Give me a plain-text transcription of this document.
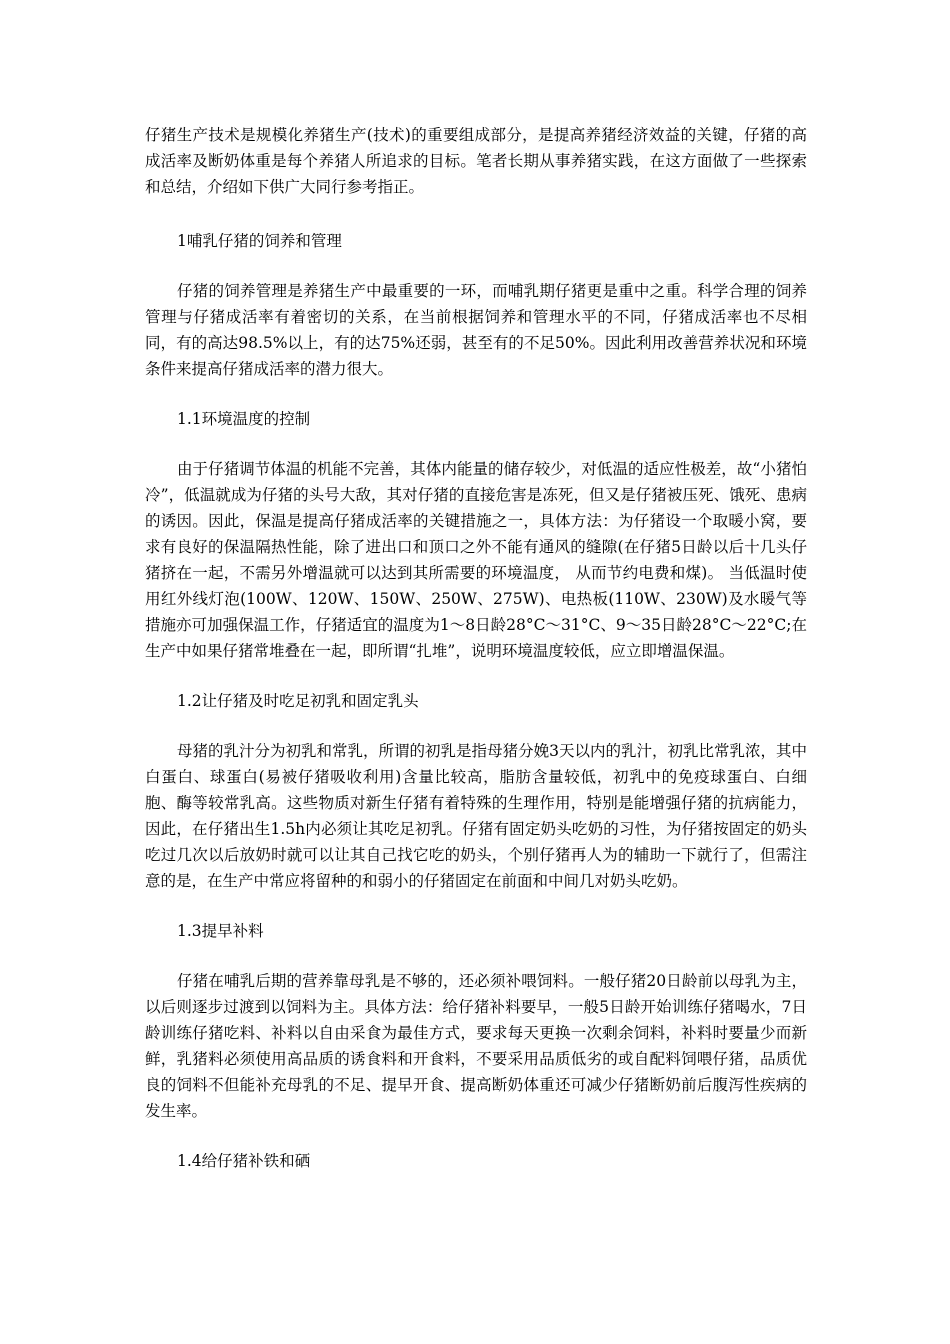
仔猪生产技术是规模化养猪生产(技术)的重要组成部分，是提高养猪经济效益的关键，仔猪的高成活率及断奶体重是每个养猪人所追求的目标。笔者长期从事养猪实践，在这方面做了一些探索和总结，介绍如下供广大同行参考指正。

1哺乳仔猪的饲养和管理

仔猪的饲养管理是养猪生产中最重要的一环，而哺乳期仔猪更是重中之重。科学合理的饲养管理与仔猪成活率有着密切的关系，在当前根据饲养和管理水平的不同，仔猪成活率也不尽相同，有的高达98.5%以上，有的达75%还弱，甚至有的不足50%。因此利用改善营养状况和环境条件来提高仔猪成活率的潜力很大。

1.1环境温度的控制

由于仔猪调节体温的机能不完善，其体内能量的储存较少，对低温的适应性极差，故“小猪怕冷”，低温就成为仔猪的头号大敌，其对仔猪的直接危害是冻死，但又是仔猪被压死、饿死、患病的诱因。因此，保温是提高仔猪成活率的关键措施之一，具体方法：为仔猪设一个取暖小窝，要求有良好的保温隔热性能，除了进出口和顶口之外不能有通风的缝隙(在仔猪5日龄以后十几头仔猪挤在一起，不需另外增温就可以达到其所需要的环境温度， 从而节约电费和煤)。 当低温时使用红外线灯泡(100W、120W、150W、250W、275W)、电热板(110W、230W)及水暖气等措施亦可加强保温工作，仔猪适宜的温度为1～8日龄28°C～31°C、9～35日龄28°C～22°C;在生产中如果仔猪常堆叠在一起，即所谓“扎堆”，说明环境温度较低，应立即增温保温。

1.2让仔猪及时吃足初乳和固定乳头

母猪的乳汁分为初乳和常乳，所谓的初乳是指母猪分娩3天以内的乳汁，初乳比常乳浓，其中白蛋白、球蛋白(易被仔猪吸收利用)含量比较高，脂肪含量较低，初乳中的免疫球蛋白、白细胞、酶等较常乳高。这些物质对新生仔猪有着特殊的生理作用，特别是能增强仔猪的抗病能力，因此，在仔猪出生1.5h内必须让其吃足初乳。仔猪有固定奶头吃奶的习性，为仔猪按固定的奶头吃过几次以后放奶时就可以让其自己找它吃的奶头，个别仔猪再人为的辅助一下就行了，但需注意的是，在生产中常应将留种的和弱小的仔猪固定在前面和中间几对奶头吃奶。

1.3提早补料

仔猪在哺乳后期的营养靠母乳是不够的，还必须补喂饲料。一般仔猪20日龄前以母乳为主，以后则逐步过渡到以饲料为主。具体方法：给仔猪补料要早，一般5日龄开始训练仔猪喝水，7日龄训练仔猪吃料、补料以自由采食为最佳方式，要求每天更换一次剩余饲料，补料时要量少而新鲜，乳猪料必须使用高品质的诱食料和开食料，不要采用品质低劣的或自配料饲喂仔猪，品质优良的饲料不但能补充母乳的不足、提早开食、提高断奶体重还可减少仔猪断奶前后腹泻性疾病的发生率。

1.4给仔猪补铁和硒
